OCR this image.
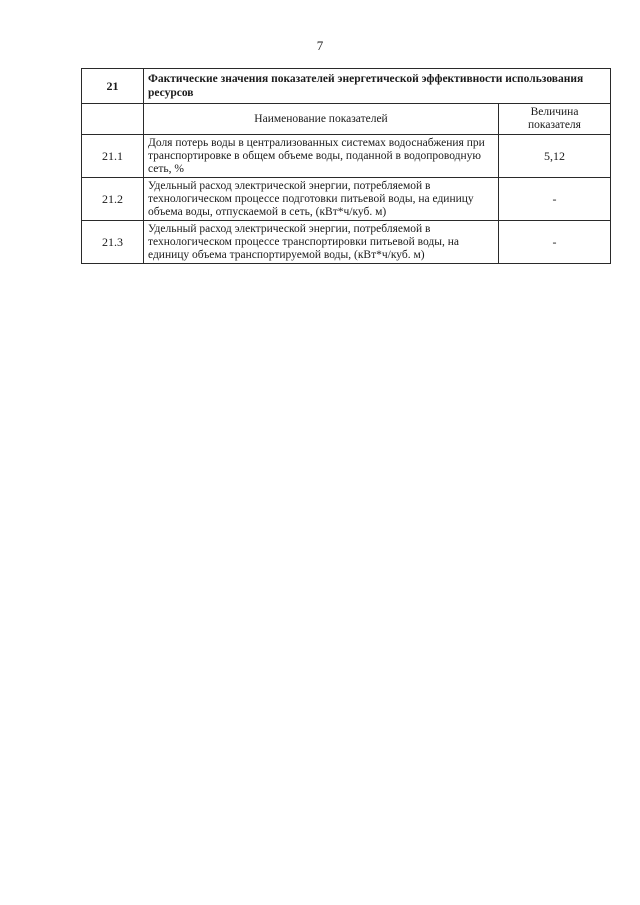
7
21	Фактические значения показателей энергетической эффективности использования ресурсов	
	Наименование показателей	Величина показателя
21.1	Доля потерь воды в централизованных системах водоснабжения при транспортировке в общем объеме воды, поданной в водопроводную сеть, %	5,12
21.2	Удельный расход электрической энергии, потребляемой в технологическом процессе подготовки питьевой воды, на единицу объема воды, отпускаемой в сеть, (кВт*ч/куб. м)	-
21.3	Удельный расход электрической энергии, потребляемой в технологическом процессе транспортировки питьевой воды, на единицу объема транспортируемой воды, (кВт*ч/куб. м)	-
